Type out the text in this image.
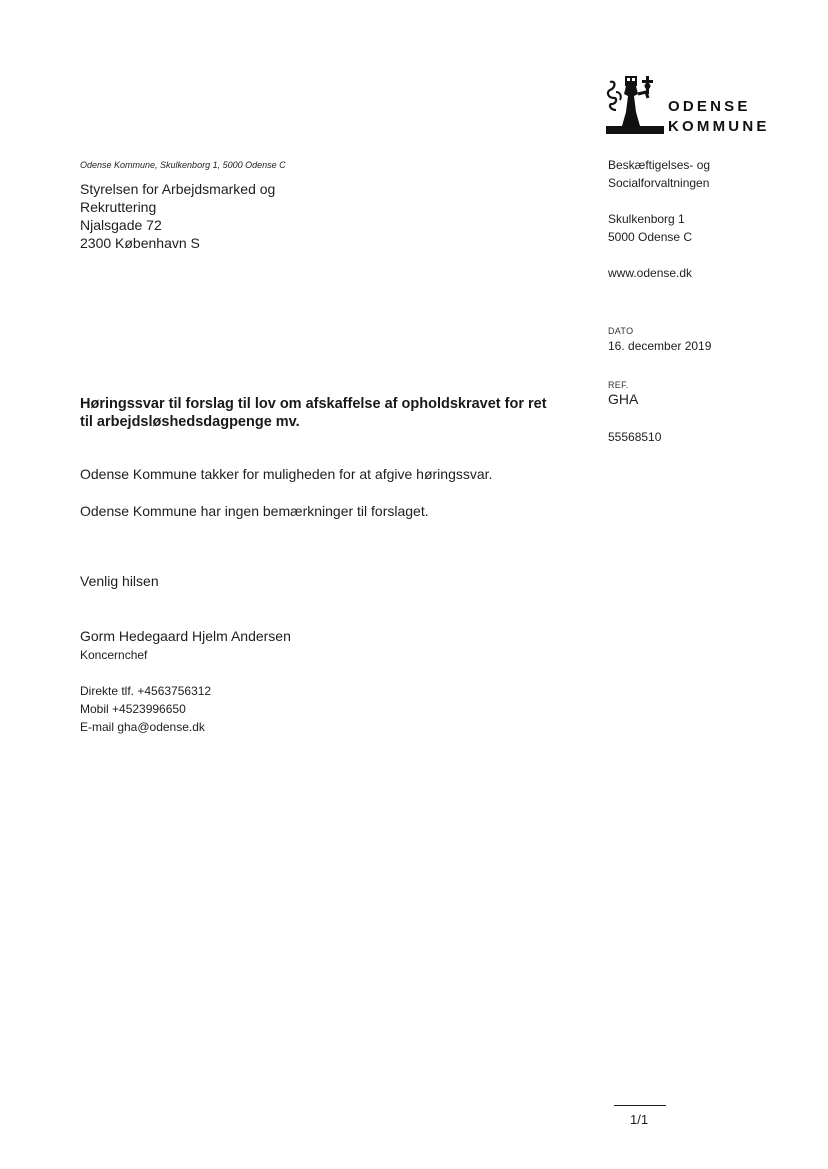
ODENSE
KOMMUNE
Odense Kommune, Skulkenborg 1, 5000 Odense C
Styrelsen for Arbejdsmarked og
Rekruttering
Njalsgade 72
2300 København S
Beskæftigelses- og
Socialforvaltningen
Skulkenborg 1
5000 Odense C
www.odense.dk
DATO
16. december 2019
REF.
GHA
55568510
Høringssvar til forslag til lov om afskaffelse af opholdskravet for ret
til arbejdsløshedsdagpenge mv.
Odense Kommune takker for muligheden for at afgive høringssvar.
Odense Kommune har ingen bemærkninger til forslaget.
Venlig hilsen
Gorm Hedegaard Hjelm Andersen
Koncernchef
Direkte tlf. +4563756312
Mobil +4523996650
E-mail gha@odense.dk
1/1
